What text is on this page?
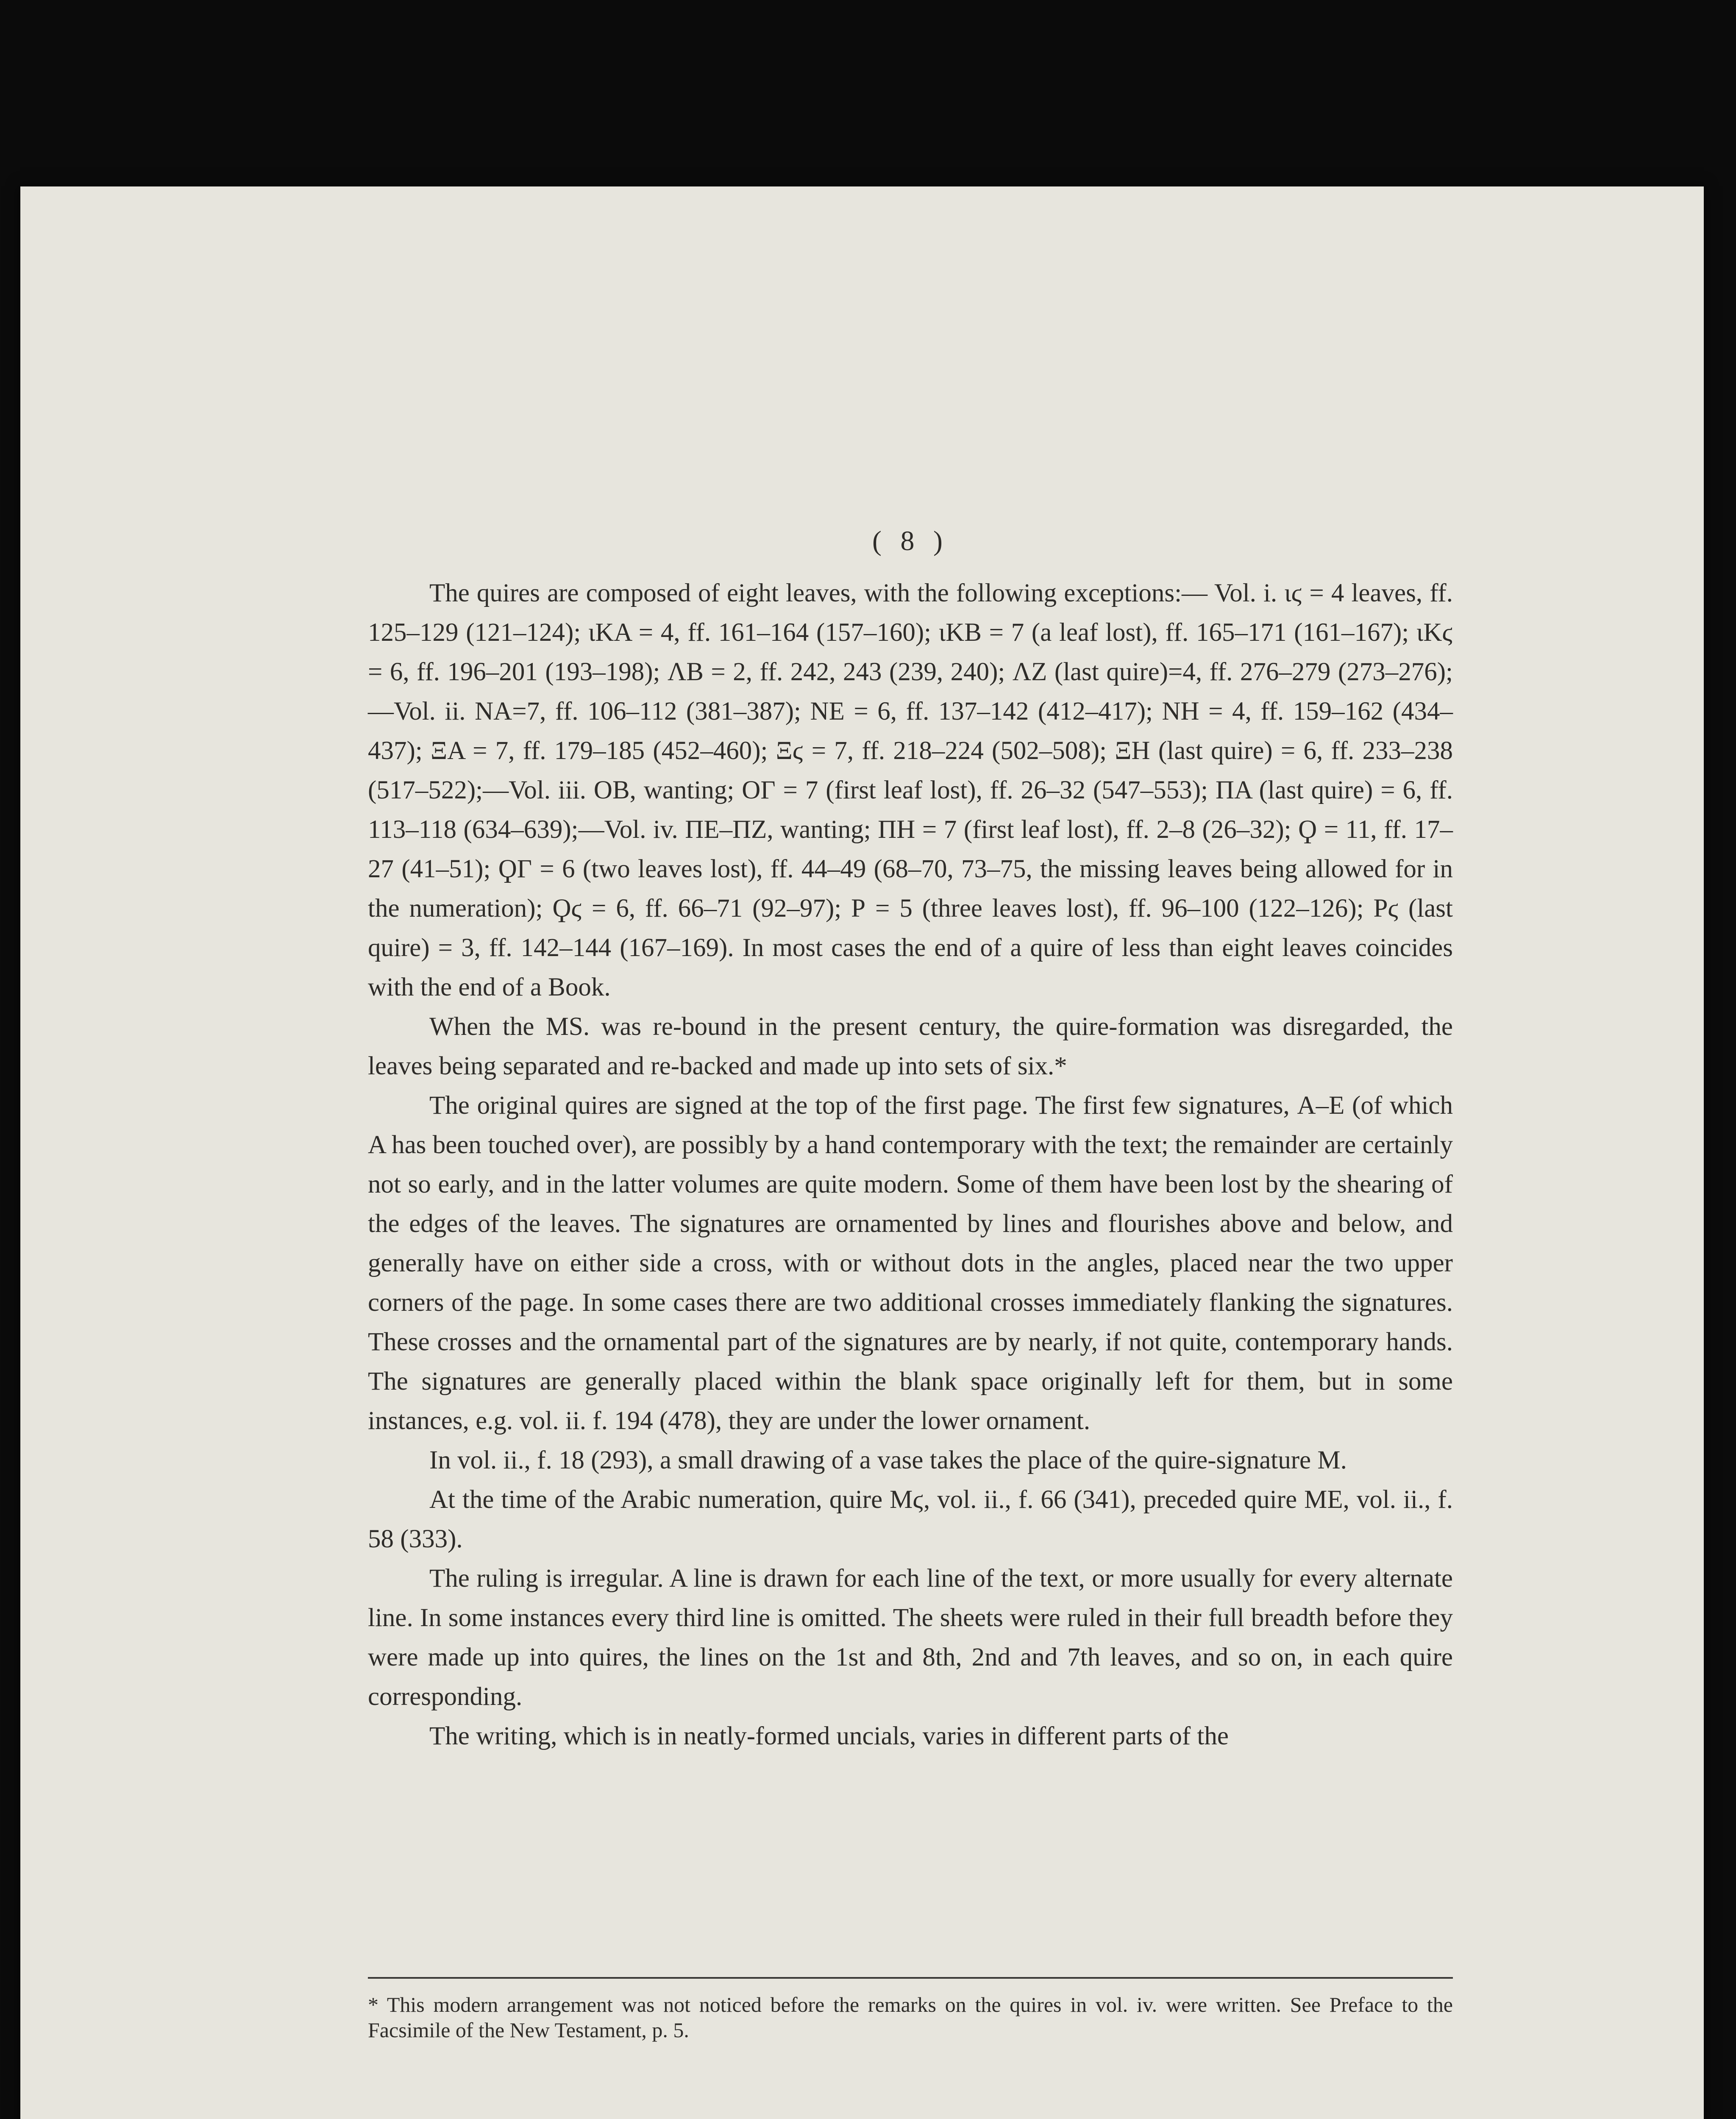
( 8 )

The quires are composed of eight leaves, with the following exceptions:— Vol. i. ιϛ = 4 leaves, ff. 125–129 (121–124); ιΚΑ = 4, ff. 161–164 (157–160); ιΚΒ = 7 (a leaf lost), ff. 165–171 (161–167); ιΚϛ = 6, ff. 196–201 (193–198); ΛΒ = 2, ff. 242, 243 (239, 240); ΛΖ (last quire)=4, ff. 276–279 (273–276);—Vol. ii. ΝΑ=7, ff. 106–112 (381–387); ΝΕ = 6, ff. 137–142 (412–417); ΝΗ = 4, ff. 159–162 (434–437); ΞΑ = 7, ff. 179–185 (452–460); Ξϛ = 7, ff. 218–224 (502–508); ΞΗ (last quire) = 6, ff. 233–238 (517–522);—Vol. iii. ΟΒ, wanting; ΟΓ = 7 (first leaf lost), ff. 26–32 (547–553); ΠΑ (last quire) = 6, ff. 113–118 (634–639);—Vol. iv. ΠΕ–ΠΖ, wanting; ΠΗ = 7 (first leaf lost), ff. 2–8 (26–32); Ϙ = 11, ff. 17–27 (41–51); ϘΓ = 6 (two leaves lost), ff. 44–49 (68–70, 73–75, the missing leaves being allowed for in the numeration); Ϙϛ = 6, ff. 66–71 (92–97); Ρ = 5 (three leaves lost), ff. 96–100 (122–126); Ρϛ (last quire) = 3, ff. 142–144 (167–169). In most cases the end of a quire of less than eight leaves coincides with the end of a Book.

When the MS. was re-bound in the present century, the quire-formation was disregarded, the leaves being separated and re-backed and made up into sets of six.*

The original quires are signed at the top of the first page. The first few signatures, Α–Ε (of which Α has been touched over), are possibly by a hand contemporary with the text; the remainder are certainly not so early, and in the latter volumes are quite modern. Some of them have been lost by the shearing of the edges of the leaves. The signatures are ornamented by lines and flourishes above and below, and generally have on either side a cross, with or without dots in the angles, placed near the two upper corners of the page. In some cases there are two additional crosses immediately flanking the signatures. These crosses and the ornamental part of the signatures are by nearly, if not quite, contemporary hands. The signatures are generally placed within the blank space originally left for them, but in some instances, e.g. vol. ii. f. 194 (478), they are under the lower ornament.

In vol. ii., f. 18 (293), a small drawing of a vase takes the place of the quire-signature Μ.

At the time of the Arabic numeration, quire Μϛ, vol. ii., f. 66 (341), preceded quire ΜΕ, vol. ii., f. 58 (333).

The ruling is irregular. A line is drawn for each line of the text, or more usually for every alternate line. In some instances every third line is omitted. The sheets were ruled in their full breadth before they were made up into quires, the lines on the 1st and 8th, 2nd and 7th leaves, and so on, in each quire corresponding.

The writing, which is in neatly-formed uncials, varies in different parts of the

* This modern arrangement was not noticed before the remarks on the quires in vol. iv. were written. See Preface to the Facsimile of the New Testament, p. 5.
